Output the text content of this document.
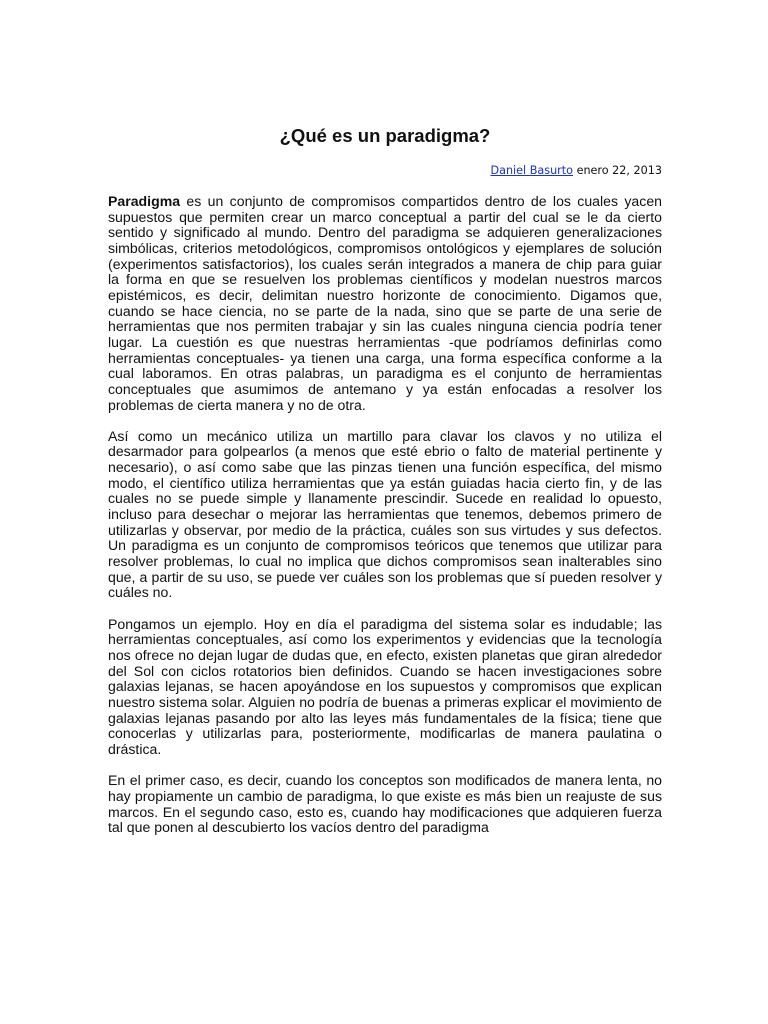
¿Qué es un paradigma?
Daniel Basurto enero 22, 2013

Paradigma es un conjunto de compromisos compartidos dentro de los cuales yacen supuestos que permiten crear un marco conceptual a partir del cual se le da cierto sentido y significado al mundo. Dentro del paradigma se adquieren generalizaciones simbólicas, criterios metodológicos, compromisos ontológicos y ejemplares de solución (experimentos satisfactorios), los cuales serán integrados a manera de chip para guiar la forma en que se resuelven los problemas científicos y modelan nuestros marcos epistémicos, es decir, delimitan nuestro horizonte de conocimiento. Digamos que, cuando se hace ciencia, no se parte de la nada, sino que se parte de una serie de herramientas que nos permiten trabajar y sin las cuales ninguna ciencia podría tener lugar. La cuestión es que nuestras herramientas -que podríamos definirlas como herramientas conceptuales- ya tienen una carga, una forma específica conforme a la cual laboramos. En otras palabras, un paradigma es el conjunto de herramientas conceptuales que asumimos de antemano y ya están enfocadas a resolver los problemas de cierta manera y no de otra.

Así como un mecánico utiliza un martillo para clavar los clavos y no utiliza el desarmador para golpearlos (a menos que esté ebrio o falto de material pertinente y necesario), o así como sabe que las pinzas tienen una función específica, del mismo modo, el científico utiliza herramientas que ya están guiadas hacia cierto fin, y de las cuales no se puede simple y llanamente prescindir. Sucede en realidad lo opuesto, incluso para desechar o mejorar las herramientas que tenemos, debemos primero de utilizarlas y observar, por medio de la práctica, cuáles son sus virtudes y sus defectos. Un paradigma es un conjunto de compromisos teóricos que tenemos que utilizar para resolver problemas, lo cual no implica que dichos compromisos sean inalterables sino que, a partir de su uso, se puede ver cuáles son los problemas que sí pueden resolver y cuáles no.

Pongamos un ejemplo. Hoy en día el paradigma del sistema solar es indudable; las herramientas conceptuales, así como los experimentos y evidencias que la tecnología nos ofrece no dejan lugar de dudas que, en efecto, existen planetas que giran alrededor del Sol con ciclos rotatorios bien definidos. Cuando se hacen investigaciones sobre galaxias lejanas, se hacen apoyándose en los supuestos y compromisos que explican nuestro sistema solar. Alguien no podría de buenas a primeras explicar el movimiento de galaxias lejanas pasando por alto las leyes más fundamentales de la física; tiene que conocerlas y utilizarlas para, posteriormente, modificarlas de manera paulatina o drástica.

En el primer caso, es decir, cuando los conceptos son modificados de manera lenta, no hay propiamente un cambio de paradigma, lo que existe es más bien un reajuste de sus marcos. En el segundo caso, esto es, cuando hay modificaciones que adquieren fuerza tal que ponen al descubierto los vacíos dentro del paradigma
